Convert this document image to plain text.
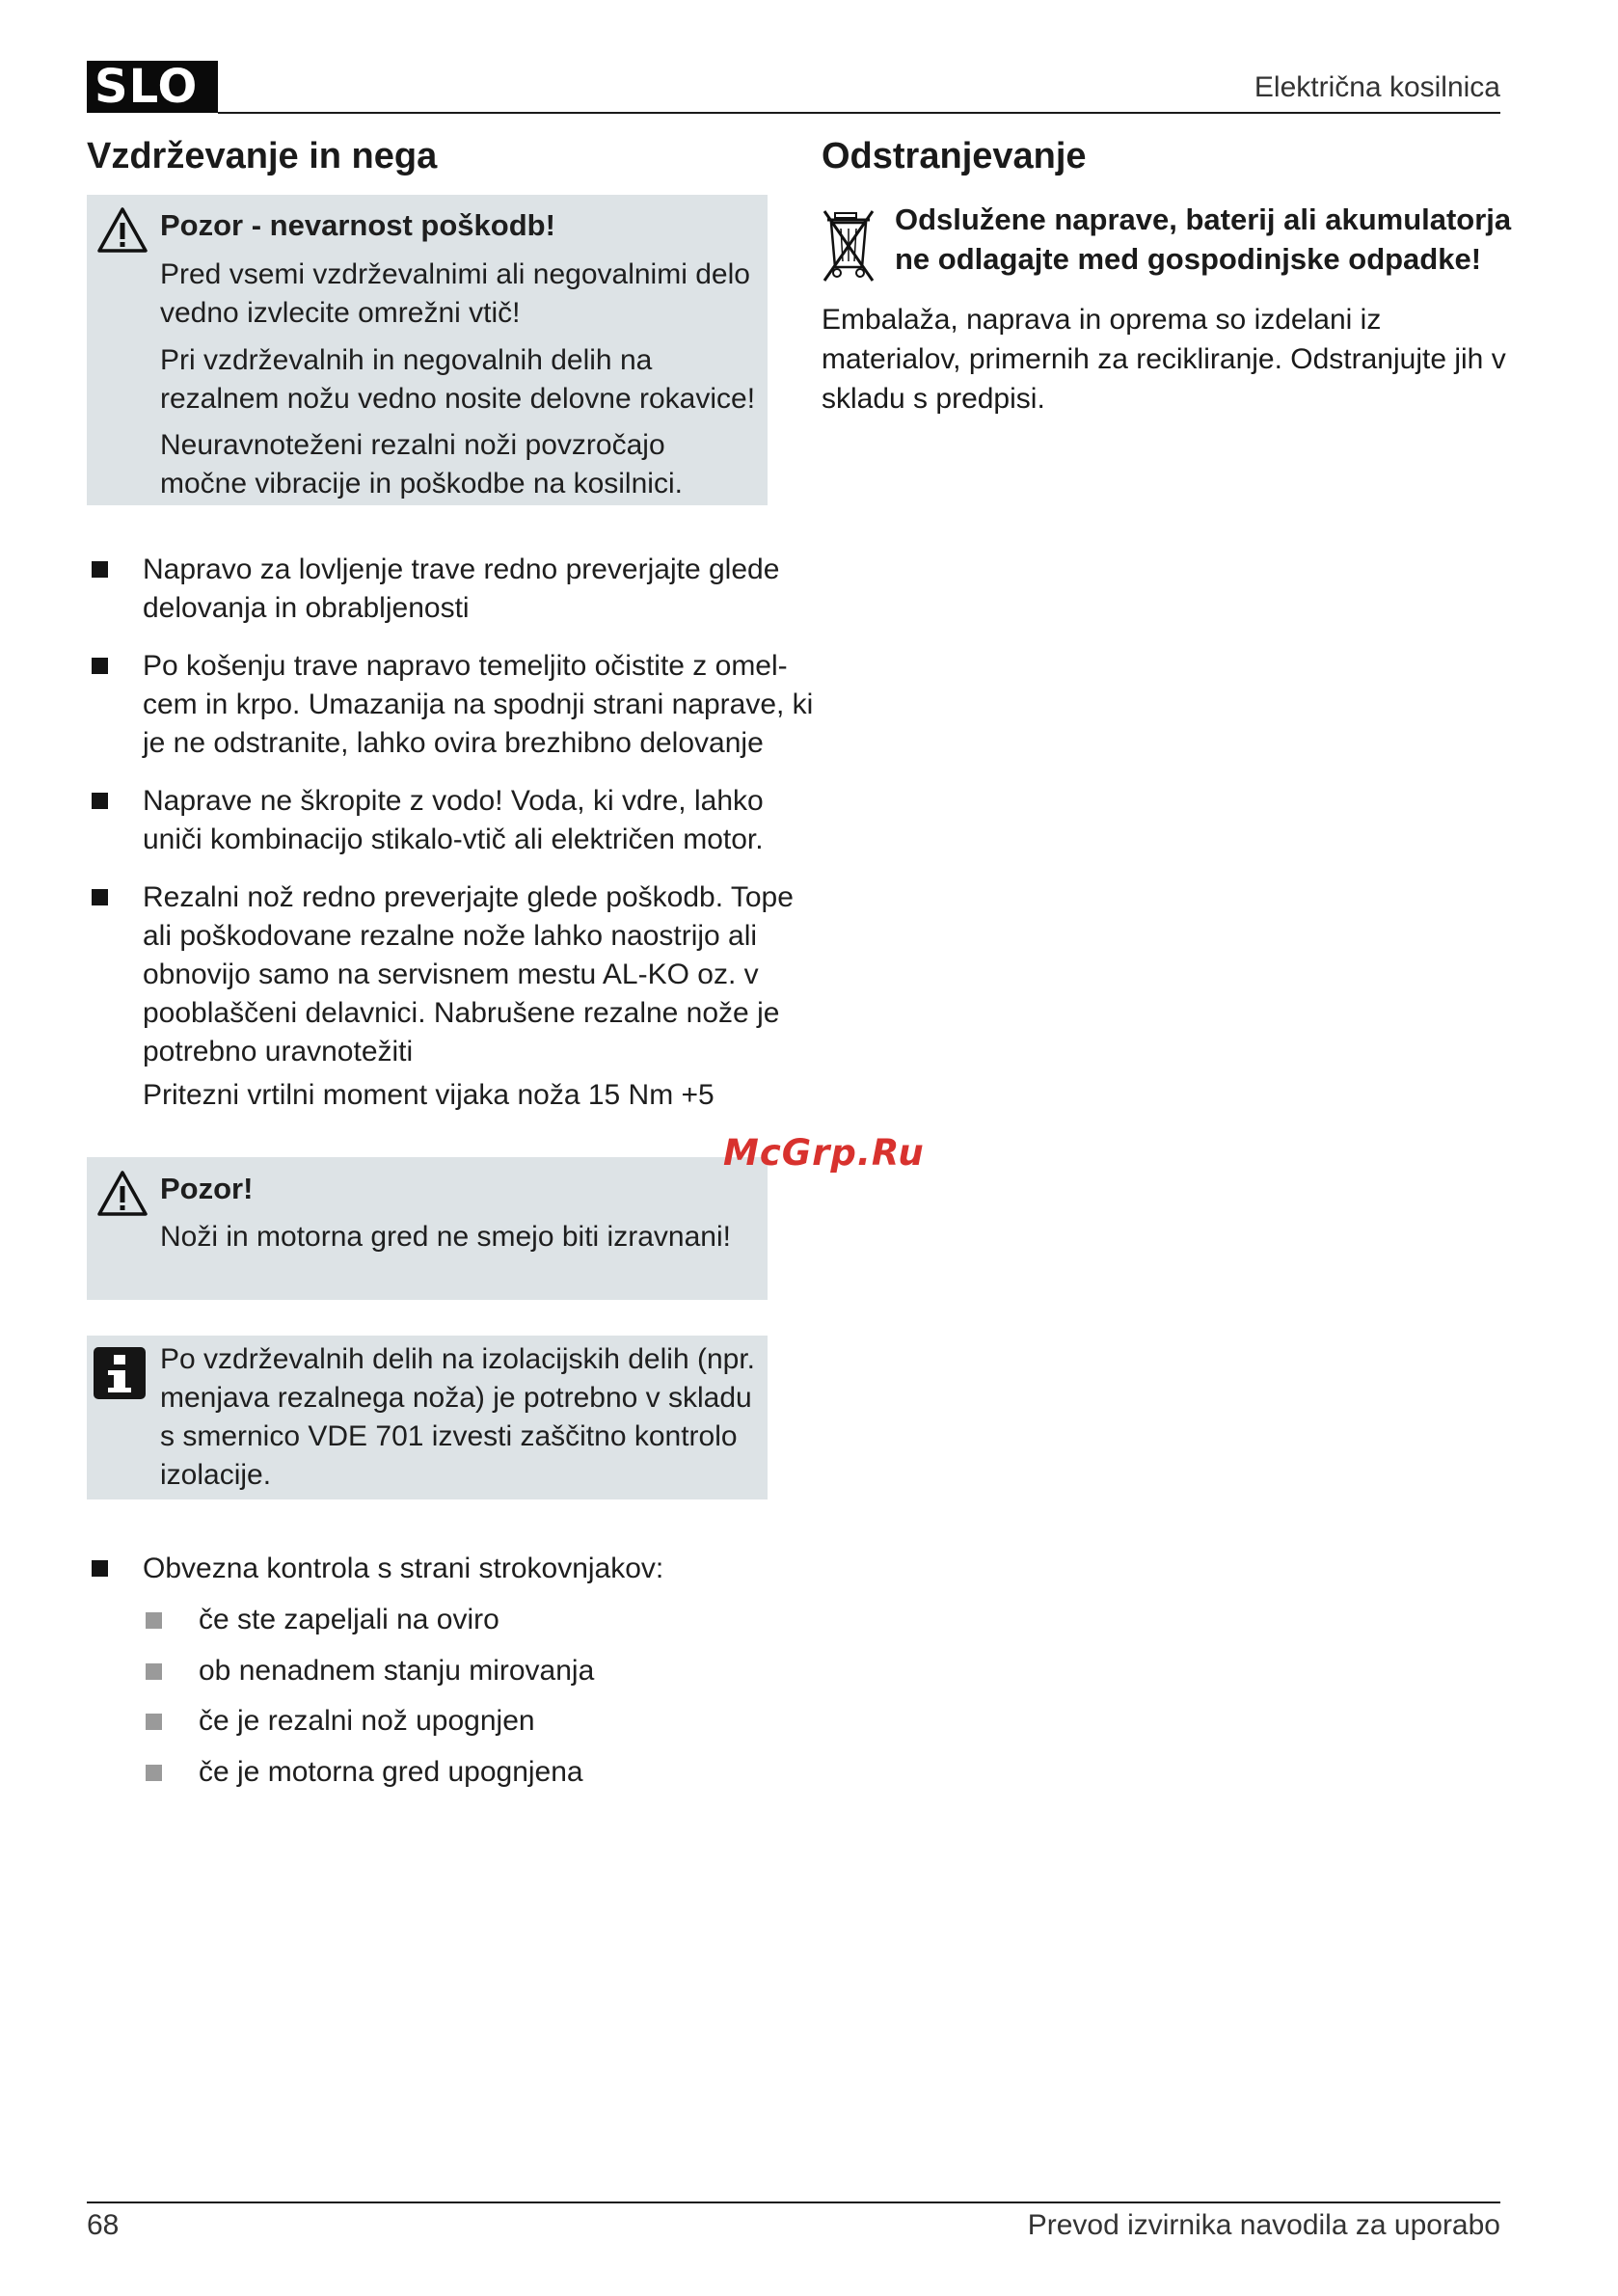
SLO	Električna kosilnica
Vzdrževanje in nega
Pozor - nevarnost poškodb!

Pred vsemi vzdrževalnimi ali negovalnimi delo vedno izvlecite omrežni vtič!

Pri vzdrževalnih in negovalnih delih na rezalnem nožu vedno nosite delovne rokavice!

Neuravnoteženi rezalni noži povzročajo močne vibracije in poškodbe na kosilnici.

Napravo za lovljenje trave redno preverjajte glede delovanja in obrabljenosti

Po košenju trave napravo temeljito očistite z omel-cem in krpo. Umazanija na spodnji strani naprave, ki je ne odstranite, lahko ovira brezhibno delovanje

Naprave ne škropite z vodo! Voda, ki vdre, lahko uniči kombinacijo stikalo-vtič ali električen motor.

Rezalni nož redno preverjajte glede poškodb. Tope ali poškodovane rezalne nože lahko naostrijo ali obnovijo samo na servisnem mestu AL-KO oz. v pooblaščeni delavnici. Nabrušene rezalne nože je potrebno uravnotežiti

Pritezni vrtilni moment vijaka noža 15 Nm +5

Pozor!

Noži in motorna gred ne smejo biti izravnani!

Po vzdrževalnih delih na izolacijskih delih (npr. menjava rezalnega noža) je potrebno v skladu s smernico VDE 701 izvesti zaščitno kontrolo izolacije.

Obvezna kontrola s strani strokovnjakov:

če ste zapeljali na oviro

ob nenadnem stanju mirovanja

če je rezalni nož upognjen

če je motorna gred upognjena

Odstranjevanje

Odslužene naprave, baterij ali akumulatorja ne odlagajte med gospodinjske odpadke!

Embalaža, naprava in oprema so izdelani iz materialov, primernih za recikliranje. Odstranjujte jih v skladu s predpisi.

McGrp.Ru
68	Prevod izvirnika navodila za uporabo
